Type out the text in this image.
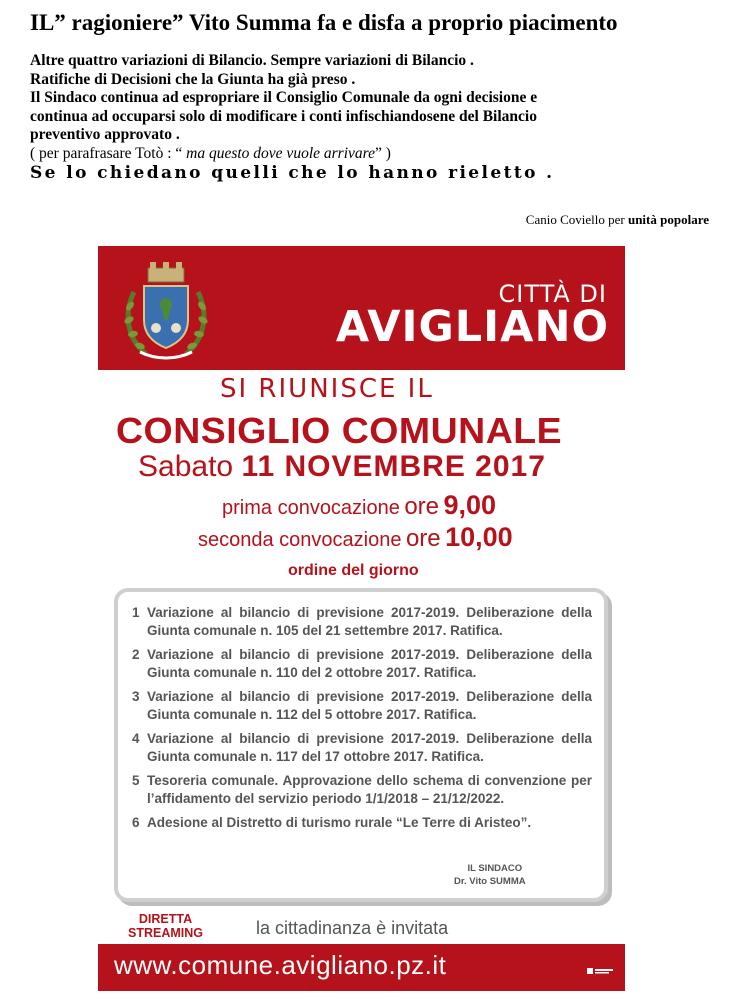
IL” ragioniere” Vito Summa fa e disfa a proprio piacimento
Altre quattro variazioni di Bilancio. Sempre variazioni di Bilancio .
Ratifiche di Decisioni che la Giunta ha già preso .
Il Sindaco continua ad espropriare il Consiglio Comunale da ogni decisione e
continua ad occuparsi solo di modificare i conti infischiandosene del Bilancio
preventivo approvato .
( per parafrasare Totò : “ ma questo dove vuole arrivare” )
Se lo chiedano quelli che lo hanno rieletto .
Canio Coviello per unità popolare
CITTÀ DI
AVIGLIANO
SI RIUNISCE IL
CONSIGLIO COMUNALE
Sabato 11 NOVEMBRE 2017
prima convocazione ore 9,00
seconda convocazione ore 10,00
ordine del giorno
1 Variazione al bilancio di previsione 2017-2019. Deliberazione della Giunta comunale n. 105 del 21 settembre 2017. Ratifica.
2 Variazione al bilancio di previsione 2017-2019. Deliberazione della Giunta comunale n. 110 del 2 ottobre 2017. Ratifica.
3 Variazione al bilancio di previsione 2017-2019. Deliberazione della Giunta comunale n. 112 del 5 ottobre 2017. Ratifica.
4 Variazione al bilancio di previsione 2017-2019. Deliberazione della Giunta comunale n. 117 del 17 ottobre 2017. Ratifica.
5 Tesoreria comunale. Approvazione dello schema di convenzione per l’affidamento del servizio periodo 1/1/2018 – 21/12/2022.
6 Adesione al Distretto di turismo rurale “Le Terre di Aristeo”.
IL SINDACO
Dr. Vito SUMMA
DIRETTA
STREAMING	la cittadinanza è invitata
www.comune.avigliano.pz.it
